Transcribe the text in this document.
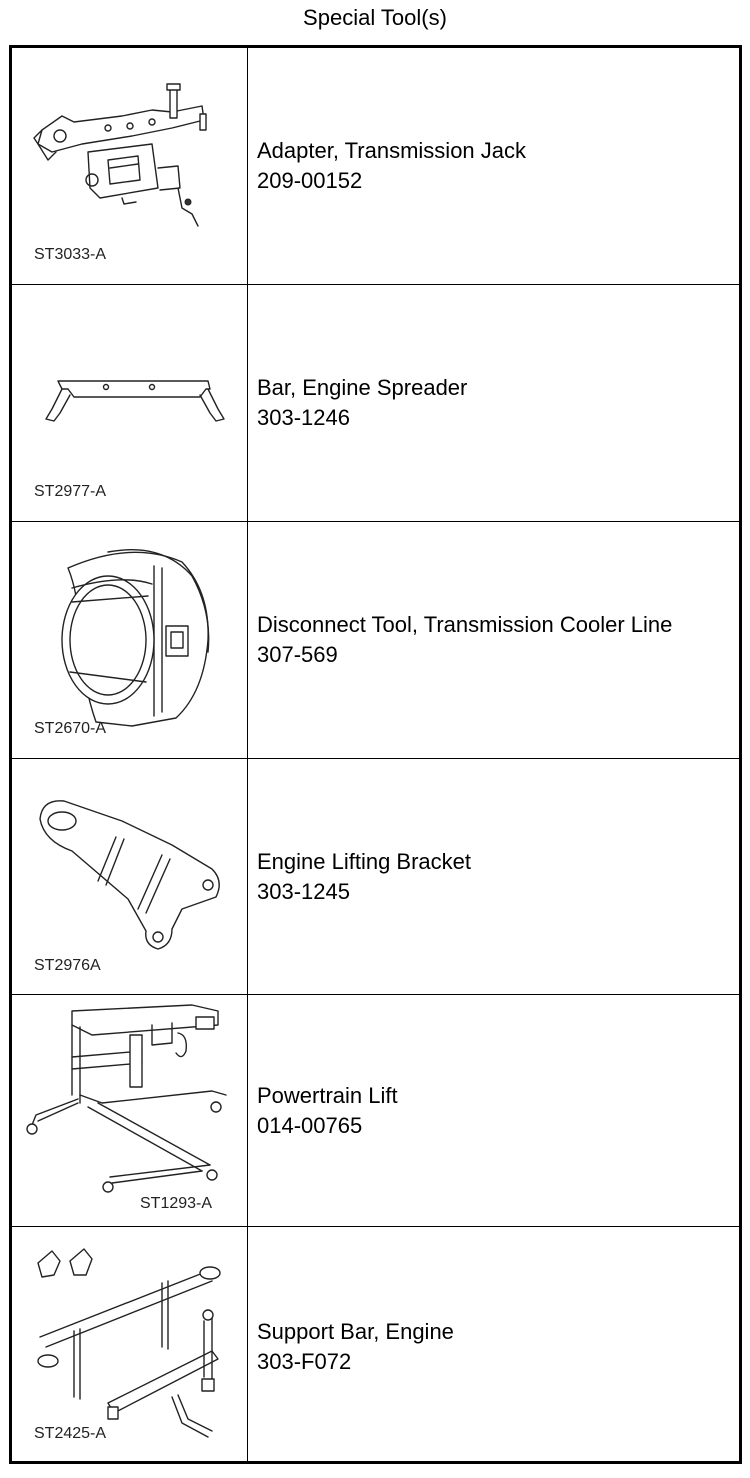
Special Tool(s)
ST3033-A
Adapter, Transmission Jack
209-00152
ST2977-A
Bar, Engine Spreader
303-1246
ST2670-A
Disconnect Tool, Transmission Cooler Line
307-569
ST2976A
Engine Lifting Bracket
303-1245
ST1293-A
Powertrain Lift
014-00765
ST2425-A
Support Bar, Engine
303-F072
